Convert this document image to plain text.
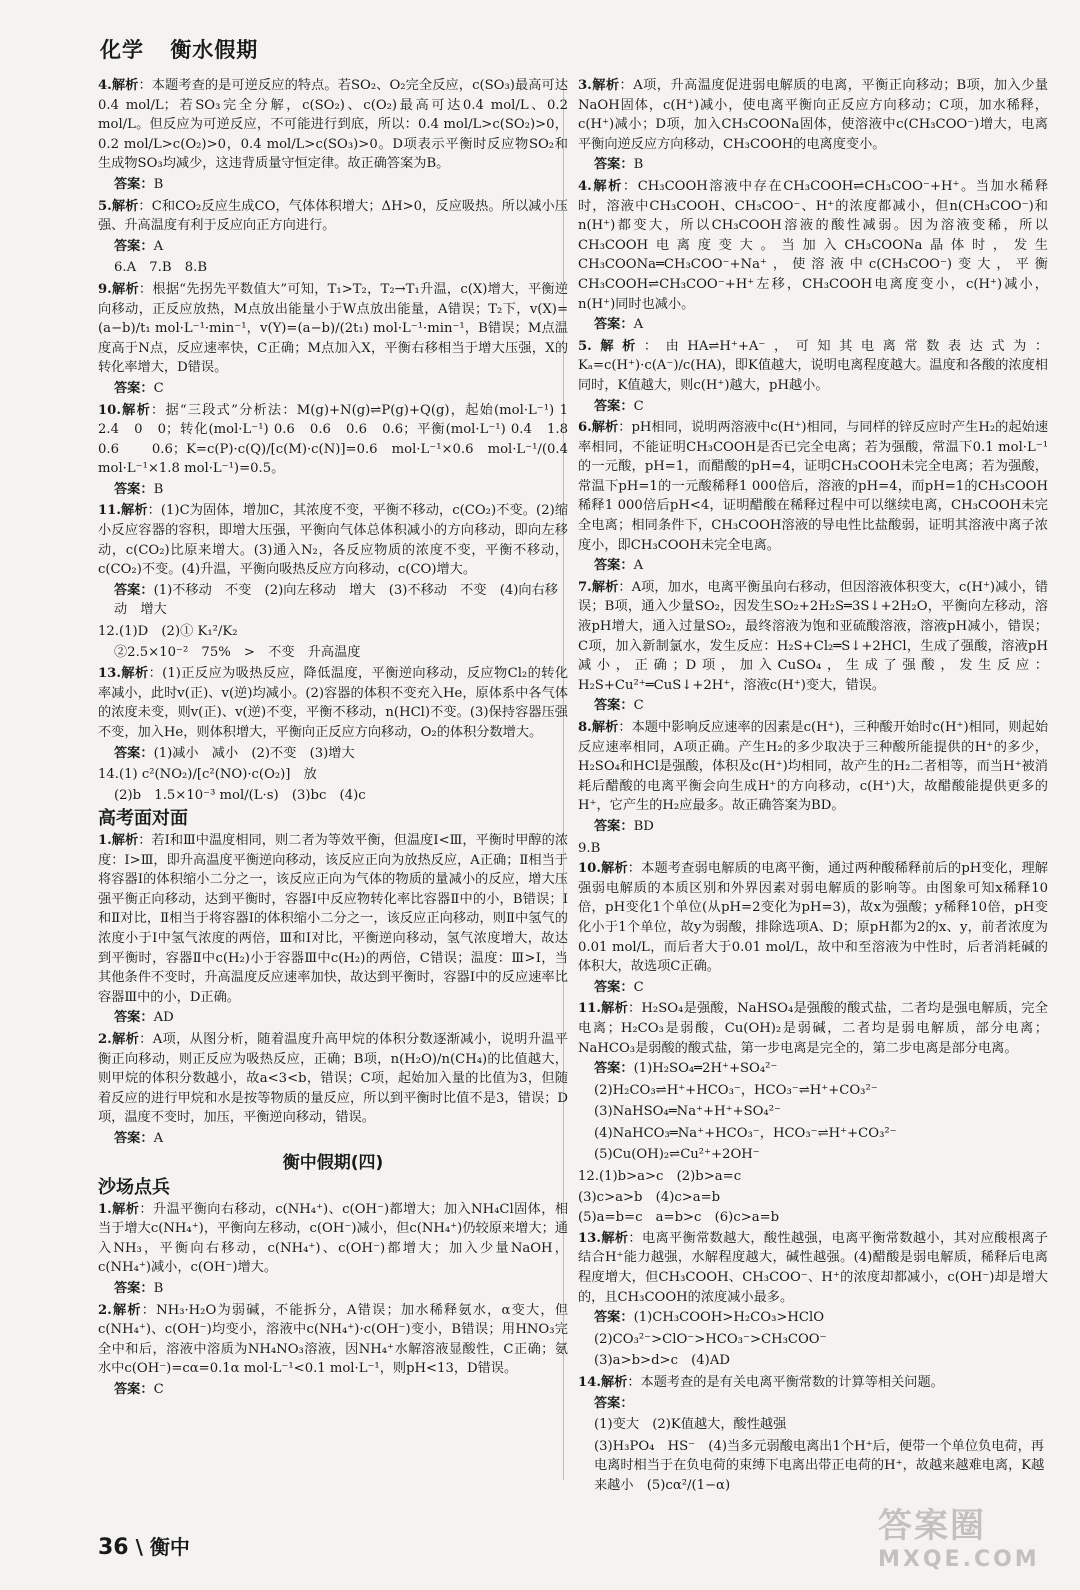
化学 衡水假期
4.解析：本题考查的是可逆反应的特点。若SO₂、O₂完全反应，c(SO₃)最高可达0.4 mol/L；若SO₃完全分解，c(SO₂)、c(O₂)最高可达0.4 mol/L、0.2 mol/L。但反应为可逆反应，不可能进行到底，所以：0.4 mol/L>c(SO₂)>0，0.2 mol/L>c(O₂)>0，0.4 mol/L>c(SO₃)>0。D项表示平衡时反应物SO₂和生成物SO₃均减少，这违背质量守恒定律。故正确答案为B。
答案：B
5.解析：C和CO₂反应生成CO，气体体积增大；ΔH>0，反应吸热。所以减小压强、升高温度有利于反应向正方向进行。
答案：A
6.A　7.B　8.B
9.解析：根据“先拐先平数值大”可知，T₁>T₂，T₂→T₁升温，c(X)增大，平衡逆向移动，正反应放热，M点放出能量小于W点放出能量，A错误；T₂下，v(X)=(a−b)/t₁ mol·L⁻¹·min⁻¹，v(Y)=(a−b)/(2t₁) mol·L⁻¹·min⁻¹，B错误；M点温度高于N点，反应速率快，C正确；M点加入X，平衡右移相当于增大压强，X的转化率增大，D错误。
答案：C
10.解析：据“三段式”分析法：M(g)+N(g)⇌P(g)+Q(g)，起始(mol·L⁻¹) 1　2.4　0　0；转化(mol·L⁻¹) 0.6　0.6　0.6　0.6；平衡(mol·L⁻¹) 0.4　1.8　0.6　0.6；K=c(P)·c(Q)/[c(M)·c(N)]=0.6 mol·L⁻¹×0.6 mol·L⁻¹/(0.4 mol·L⁻¹×1.8 mol·L⁻¹)=0.5。
答案：B
11.解析：(1)C为固体，增加C，其浓度不变，平衡不移动，c(CO₂)不变。(2)缩小反应容器的容积，即增大压强，平衡向气体总体积减小的方向移动，即向左移动，c(CO₂)比原来增大。(3)通入N₂，各反应物质的浓度不变，平衡不移动，c(CO₂)不变。(4)升温，平衡向吸热反应方向移动，c(CO)增大。
答案：(1)不移动　不变　(2)向左移动　增大　(3)不移动　不变　(4)向右移动　增大
12.(1)D　(2)① K₁²/K₂
②2.5×10⁻²　75%　>　不变　升高温度
13.解析：(1)正反应为吸热反应，降低温度，平衡逆向移动，反应物Cl₂的转化率减小，此时v(正)、v(逆)均减小。(2)容器的体积不变充入He，原体系中各气体的浓度未变，则v(正)、v(逆)不变，平衡不移动，n(HCl)不变。(3)保持容器压强不变，加入He，则体积增大，平衡向正反应方向移动，O₂的体积分数增大。
答案：(1)减小　减小　(2)不变　(3)增大
14.(1) c²(NO₂)/[c²(NO)·c(O₂)]　放
(2)b　1.5×10⁻³ mol/(L·s)　(3)bc　(4)c
高考面对面
1.解析：若Ⅰ和Ⅲ中温度相同，则二者为等效平衡，但温度Ⅰ<Ⅲ，平衡时甲醇的浓度：Ⅰ>Ⅲ，即升高温度平衡逆向移动，该反应正向为放热反应，A正确；Ⅱ相当于将容器Ⅰ的体积缩小二分之一，该反应正向为气体的物质的量减小的反应，增大压强平衡正向移动，达到平衡时，容器Ⅰ中反应物转化率比容器Ⅱ中的小，B错误；Ⅰ和Ⅱ对比，Ⅱ相当于将容器Ⅰ的体积缩小二分之一，该反应正向移动，则Ⅱ中氢气的浓度小于Ⅰ中氢气浓度的两倍，Ⅲ和Ⅰ对比，平衡逆向移动，氢气浓度增大，故达到平衡时，容器Ⅱ中c(H₂)小于容器Ⅲ中c(H₂)的两倍，C错误；温度：Ⅲ>Ⅰ，当其他条件不变时，升高温度反应速率加快，故达到平衡时，容器Ⅰ中的反应速率比容器Ⅲ中的小，D正确。
答案：AD
2.解析：A项，从图分析，随着温度升高甲烷的体积分数逐渐减小，说明升温平衡正向移动，则正反应为吸热反应，正确；B项，n(H₂O)/n(CH₄)的比值越大，则甲烷的体积分数越小，故a<3<b，错误；C项，起始加入量的比值为3，但随着反应的进行甲烷和水是按等物质的量反应，所以到平衡时比值不是3，错误；D项，温度不变时，加压，平衡逆向移动，错误。
答案：A
衡中假期(四)
沙场点兵
1.解析：升温平衡向右移动，c(NH₄⁺)、c(OH⁻)都增大；加入NH₄Cl固体，相当于增大c(NH₄⁺)，平衡向左移动，c(OH⁻)减小，但c(NH₄⁺)仍较原来增大；通入NH₃，平衡向右移动，c(NH₄⁺)、c(OH⁻)都增大；加入少量NaOH，c(NH₄⁺)减小，c(OH⁻)增大。
答案：B
2.解析：NH₃·H₂O为弱碱，不能拆分，A错误；加水稀释氨水，α变大，但c(NH₄⁺)、c(OH⁻)均变小，溶液中c(NH₄⁺)·c(OH⁻)变小，B错误；用HNO₃完全中和后，溶液中溶质为NH₄NO₃溶液，因NH₄⁺水解溶液显酸性，C正确；氨水中c(OH⁻)=cα=0.1α mol·L⁻¹<0.1 mol·L⁻¹，则pH<13，D错误。
答案：C
3.解析：A项，升高温度促进弱电解质的电离，平衡正向移动；B项，加入少量NaOH固体，c(H⁺)减小，使电离平衡向正反应方向移动；C项，加水稀释，c(H⁺)减小；D项，加入CH₃COONa固体，使溶液中c(CH₃COO⁻)增大，电离平衡向逆反应方向移动，CH₃COOH的电离度变小。
答案：B
4.解析：CH₃COOH溶液中存在CH₃COOH⇌CH₃COO⁻+H⁺。当加水稀释时，溶液中CH₃COOH、CH₃COO⁻、H⁺的浓度都减小，但n(CH₃COO⁻)和n(H⁺)都变大，所以CH₃COOH溶液的酸性减弱。因为溶液变稀，所以CH₃COOH电离度变大。当加入CH₃COONa晶体时，发生CH₃COONa═CH₃COO⁻+Na⁺，使溶液中c(CH₃COO⁻)变大，平衡CH₃COOH⇌CH₃COO⁻+H⁺左移，CH₃COOH电离度变小，c(H⁺)减小，n(H⁺)同时也减小。
答案：A
5.解析：由HA⇌H⁺+A⁻，可知其电离常数表达式为：Kₐ=c(H⁺)·c(A⁻)/c(HA)，即K值越大，说明电离程度越大。温度和各酸的浓度相同时，K值越大，则c(H⁺)越大，pH越小。
答案：C
6.解析：pH相同，说明两溶液中c(H⁺)相同，与同样的锌反应时产生H₂的起始速率相同，不能证明CH₃COOH是否已完全电离；若为强酸，常温下0.1 mol·L⁻¹的一元酸，pH=1，而醋酸的pH=4，证明CH₃COOH未完全电离；若为强酸，常温下pH=1的一元酸稀释1 000倍后，溶液的pH=4，而pH=1的CH₃COOH稀释1 000倍后pH<4，证明醋酸在稀释过程中可以继续电离，CH₃COOH未完全电离；相同条件下，CH₃COOH溶液的导电性比盐酸弱，证明其溶液中离子浓度小，即CH₃COOH未完全电离。
答案：A
7.解析：A项，加水，电离平衡虽向右移动，但因溶液体积变大，c(H⁺)减小，错误；B项，通入少量SO₂，因发生SO₂+2H₂S═3S↓+2H₂O，平衡向左移动，溶液pH增大，通入过量SO₂，最终溶液为饱和亚硫酸溶液，溶液pH减小，错误；C项，加入新制氯水，发生反应：H₂S+Cl₂═S↓+2HCl，生成了强酸，溶液pH减小，正确；D项，加入CuSO₄，生成了强酸，发生反应：H₂S+Cu²⁺═CuS↓+2H⁺，溶液c(H⁺)变大，错误。
答案：C
8.解析：本题中影响反应速率的因素是c(H⁺)，三种酸开始时c(H⁺)相同，则起始反应速率相同，A项正确。产生H₂的多少取决于三种酸所能提供的H⁺的多少，H₂SO₄和HCl是强酸，体积及c(H⁺)均相同，故产生的H₂二者相等，而当H⁺被消耗后醋酸的电离平衡会向生成H⁺的方向移动，c(H⁺)大，故醋酸能提供更多的H⁺，它产生的H₂应最多。故正确答案为BD。
答案：BD
9.B
10.解析：本题考查弱电解质的电离平衡，通过两种酸稀释前后的pH变化，理解强弱电解质的本质区别和外界因素对弱电解质的影响等。由图象可知x稀释10倍，pH变化1个单位(从pH=2变化为pH=3)，故x为强酸；y稀释10倍，pH变化小于1个单位，故y为弱酸，排除选项A、D；原pH都为2的x、y，前者浓度为0.01 mol/L，而后者大于0.01 mol/L，故中和至溶液为中性时，后者消耗碱的体积大，故选项C正确。
答案：C
11.解析：H₂SO₄是强酸，NaHSO₄是强酸的酸式盐，二者均是强电解质，完全电离；H₂CO₃是弱酸，Cu(OH)₂是弱碱，二者均是弱电解质，部分电离；NaHCO₃是弱酸的酸式盐，第一步电离是完全的，第二步电离是部分电离。
答案：(1)H₂SO₄═2H⁺+SO₄²⁻
(2)H₂CO₃⇌H⁺+HCO₃⁻，HCO₃⁻⇌H⁺+CO₃²⁻
(3)NaHSO₄═Na⁺+H⁺+SO₄²⁻
(4)NaHCO₃═Na⁺+HCO₃⁻，HCO₃⁻⇌H⁺+CO₃²⁻
(5)Cu(OH)₂⇌Cu²⁺+2OH⁻
12.(1)b>a>c　(2)b>a=c
(3)c>a>b　(4)c>a=b
(5)a=b=c　a=b>c　(6)c>a=b
13.解析：电离平衡常数越大，酸性越强，电离平衡常数越小，其对应酸根离子结合H⁺能力越强，水解程度越大，碱性越强。(4)醋酸是弱电解质，稀释后电离程度增大，但CH₃COOH、CH₃COO⁻、H⁺的浓度却都减小，c(OH⁻)却是增大的，且CH₃COOH的浓度减小最多。
答案：(1)CH₃COOH>H₂CO₃>HClO
(2)CO₃²⁻>ClO⁻>HCO₃⁻>CH₃COO⁻
(3)a>b>d>c　(4)AD
14.解析：本题考查的是有关电离平衡常数的计算等相关问题。
答案：
(1)变大　(2)K值越大，酸性越强
(3)H₃PO₄　HS⁻　(4)当多元弱酸电离出1个H⁺后，便带一个单位负电荷，再电离时相当于在负电荷的束缚下电离出带正电荷的H⁺，故越来越难电离，K越来越小　(5)cα²/(1−α)
36 \ 衡中
答案圈
MXQE.COM
